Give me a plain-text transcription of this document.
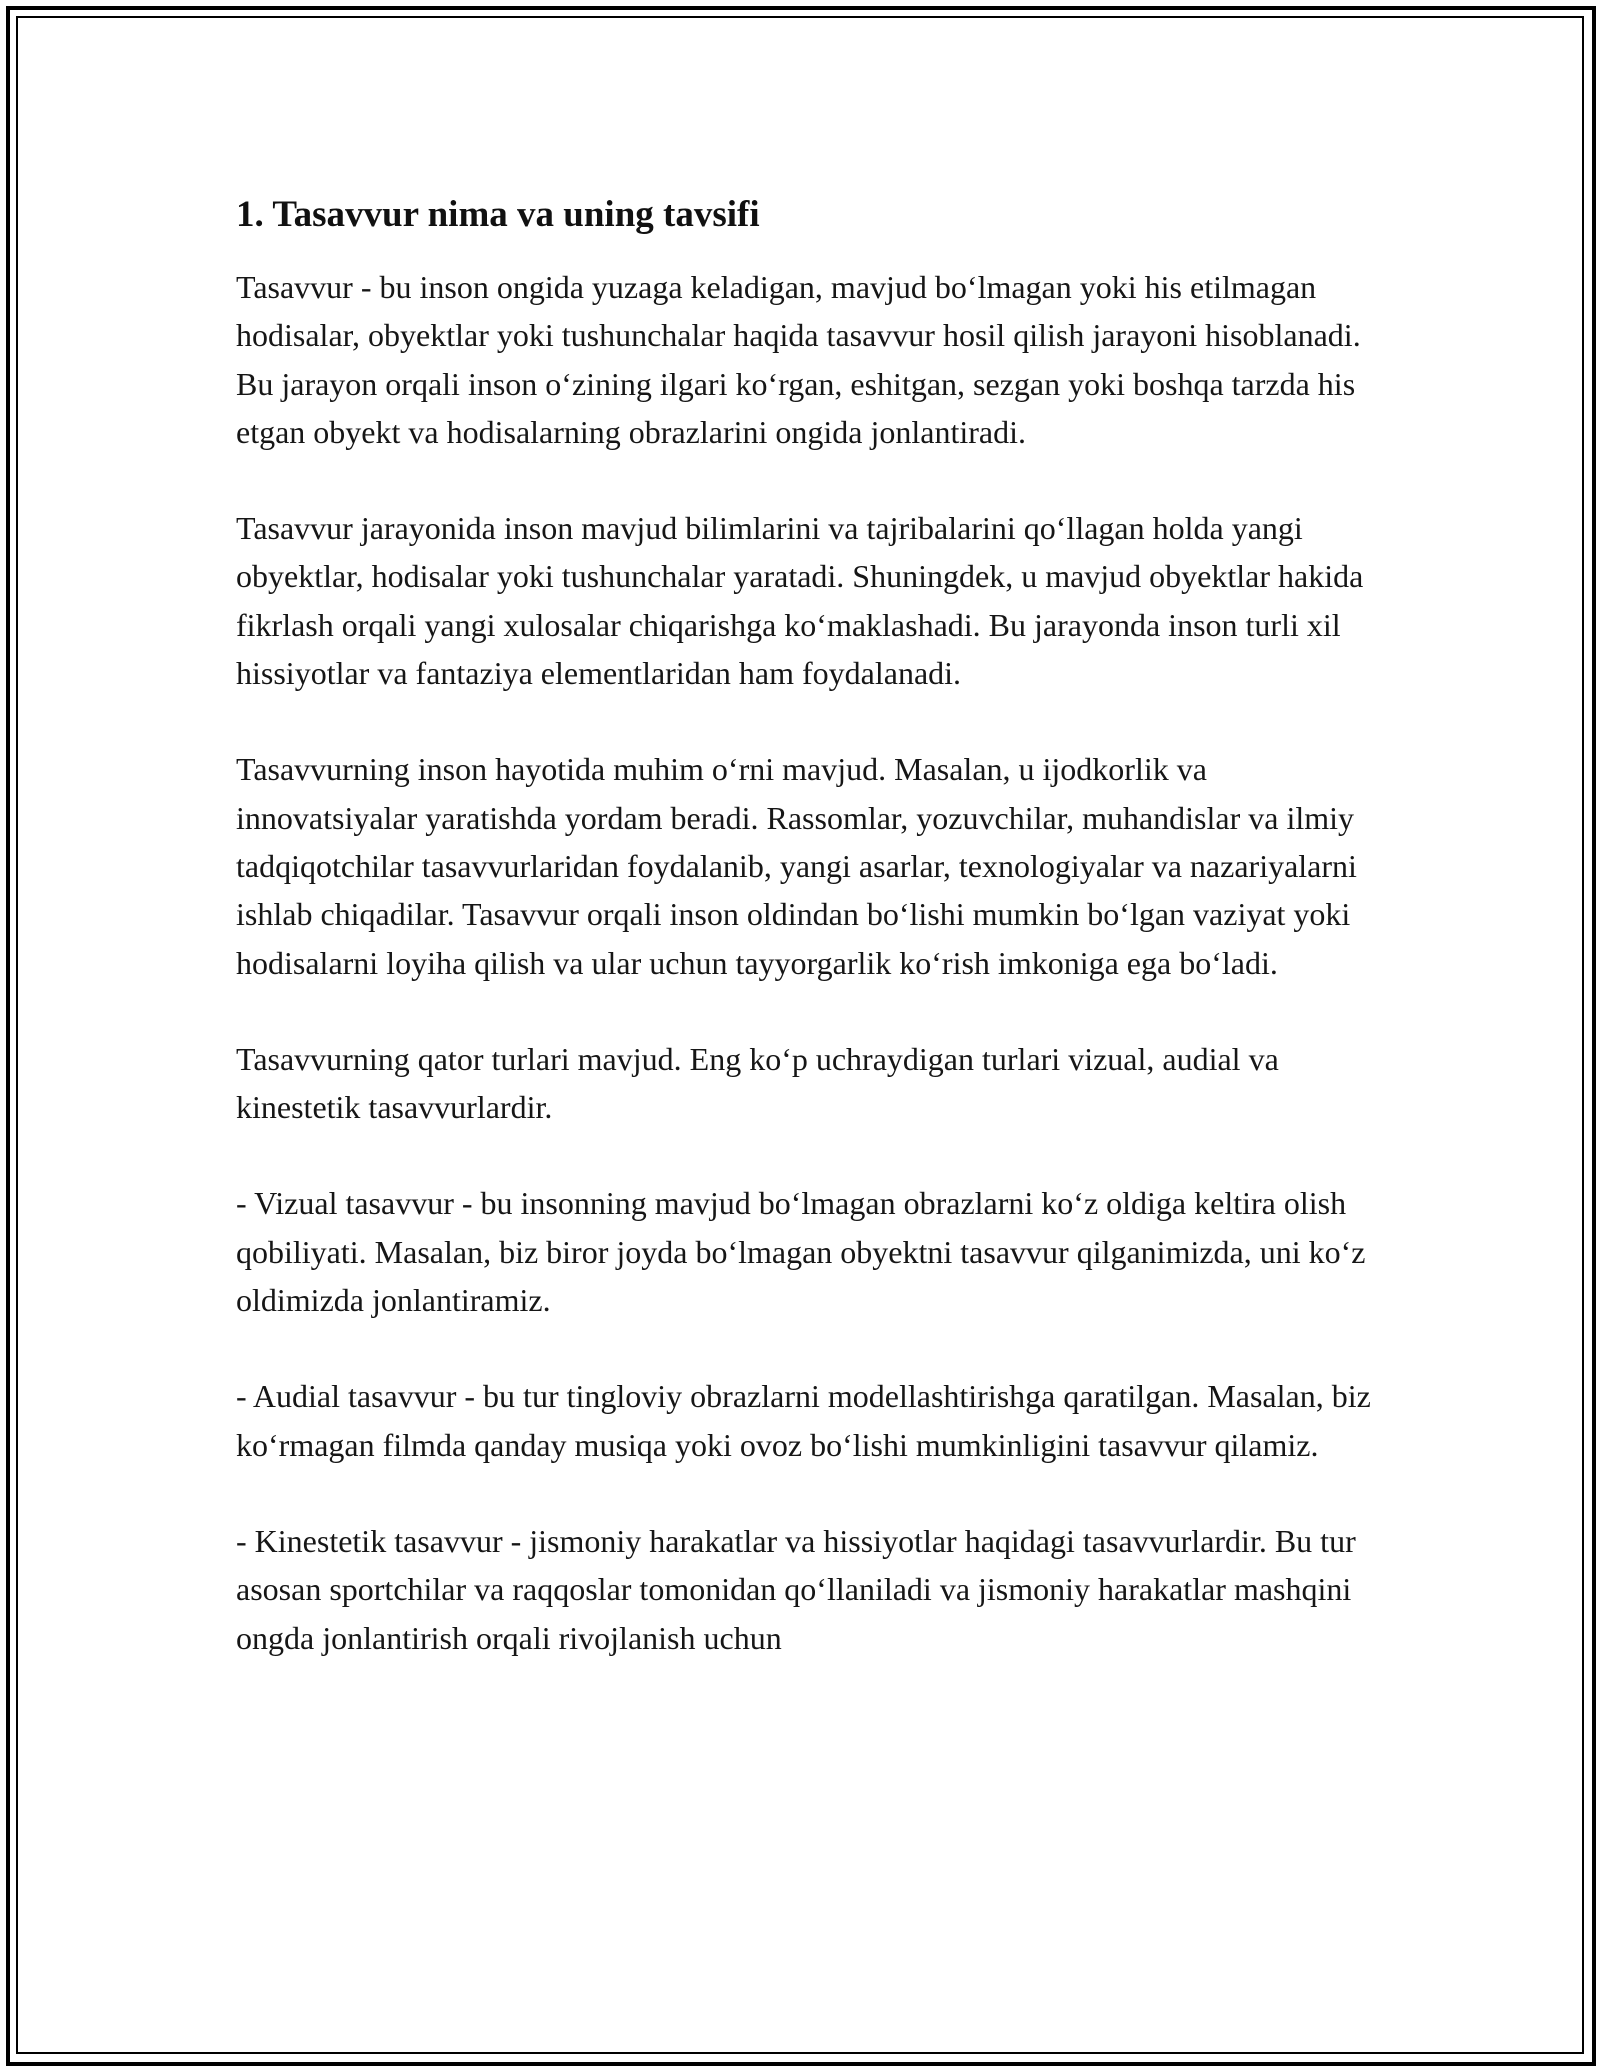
1. Tasavvur nima va uning tavsifi

Tasavvur - bu inson ongida yuzaga keladigan, mavjud bo‘lmagan yoki his etilmagan hodisalar, obyektlar yoki tushunchalar haqida tasavvur hosil qilish jarayoni hisoblanadi. Bu jarayon orqali inson o‘zining ilgari ko‘rgan, eshitgan, sezgan yoki boshqa tarzda his etgan obyekt va hodisalarning obrazlarini ongida jonlantiradi.

Tasavvur jarayonida inson mavjud bilimlarini va tajribalarini qo‘llagan holda yangi obyektlar, hodisalar yoki tushunchalar yaratadi. Shuningdek, u mavjud obyektlar hakida fikrlash orqali yangi xulosalar chiqarishga ko‘maklashadi. Bu jarayonda inson turli xil hissiyotlar va fantaziya elementlaridan ham foydalanadi.

Tasavvurning inson hayotida muhim o‘rni mavjud. Masalan, u ijodkorlik va innovatsiyalar yaratishda yordam beradi. Rassomlar, yozuvchilar, muhandislar va ilmiy tadqiqotchilar tasavvurlaridan foydalanib, yangi asarlar, texnologiyalar va nazariyalarni ishlab chiqadilar. Tasavvur orqali inson oldindan bo‘lishi mumkin bo‘lgan vaziyat yoki hodisalarni loyiha qilish va ular uchun tayyorgarlik ko‘rish imkoniga ega bo‘ladi.

Tasavvurning qator turlari mavjud. Eng ko‘p uchraydigan turlari vizual, audial va kinestetik tasavvurlardir.

- Vizual tasavvur - bu insonning mavjud bo‘lmagan obrazlarni ko‘z oldiga keltira olish qobiliyati. Masalan, biz biror joyda bo‘lmagan obyektni tasavvur qilganimizda, uni ko‘z oldimizda jonlantiramiz.

- Audial tasavvur - bu tur tingloviy obrazlarni modellashtirishga qaratilgan. Masalan, biz ko‘rmagan filmda qanday musiqa yoki ovoz bo‘lishi mumkinligini tasavvur qilamiz.

- Kinestetik tasavvur - jismoniy harakatlar va hissiyotlar haqidagi tasavvurlardir. Bu tur asosan sportchilar va raqqoslar tomonidan qo‘llaniladi va jismoniy harakatlar mashqini ongda jonlantirish orqali rivojlanish uchun
